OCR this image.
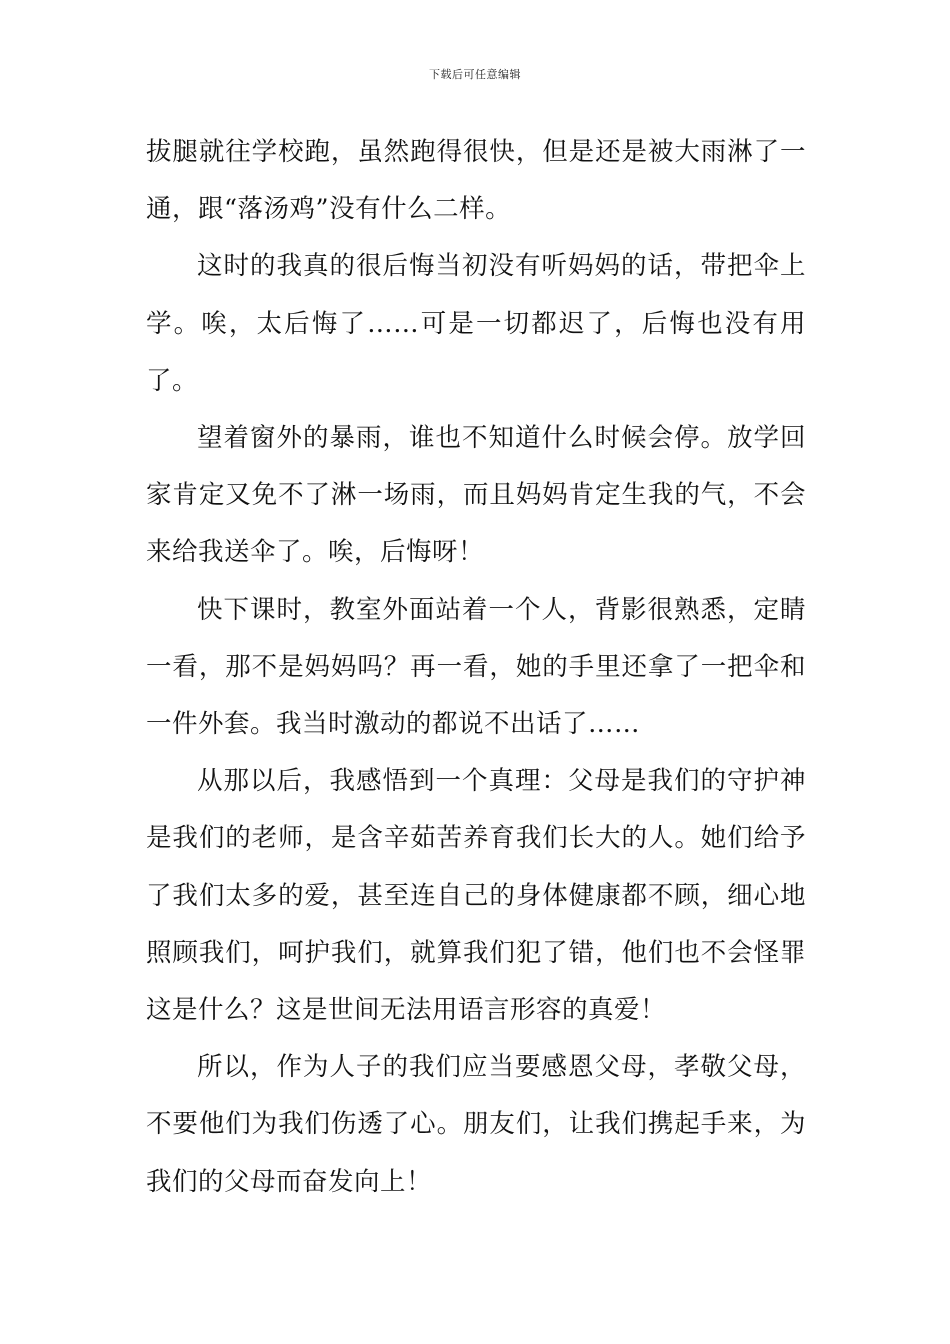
下载后可任意编辑

拔腿就往学校跑，虽然跑得很快，但是还是被大雨淋了一通，跟“落汤鸡”没有什么二样。

这时的我真的很后悔当初没有听妈妈的话，带把伞上学。唉，太后悔了……可是一切都迟了，后悔也没有用了。

望着窗外的暴雨，谁也不知道什么时候会停。放学回家肯定又免不了淋一场雨，而且妈妈肯定生我的气，不会来给我送伞了。唉，后悔呀！

快下课时，教室外面站着一个人，背影很熟悉，定睛一看，那不是妈妈吗？再一看，她的手里还拿了一把伞和一件外套。我当时激动的都说不出话了……

从那以后，我感悟到一个真理：父母是我们的守护神是我们的老师，是含辛茹苦养育我们长大的人。她们给予了我们太多的爱，甚至连自己的身体健康都不顾，细心地照顾我们，呵护我们，就算我们犯了错，他们也不会怪罪这是什么？这是世间无法用语言形容的真爱！

所以，作为人子的我们应当要感恩父母，孝敬父母，不要他们为我们伤透了心。朋友们，让我们携起手来，为我们的父母而奋发向上！
